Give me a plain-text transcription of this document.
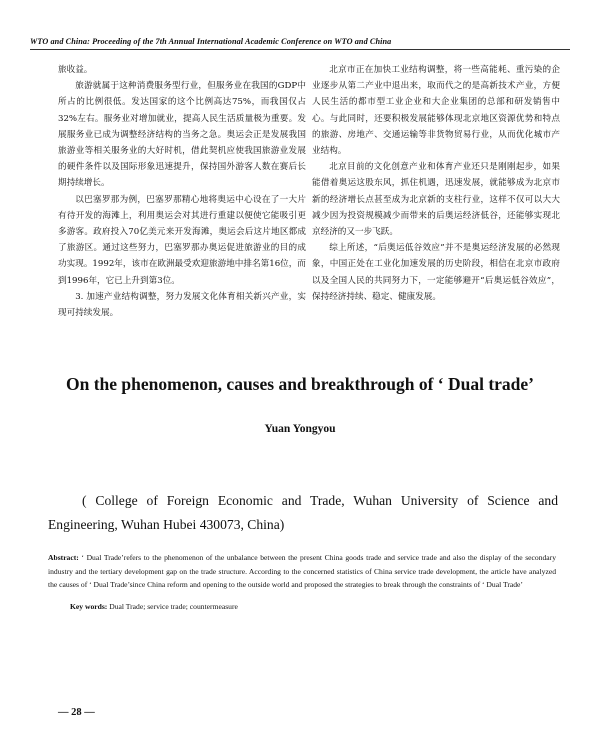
WTO and China: Proceeding of the 7th Annual International Academic Conference on WTO and China

旅收益。

旅游就属于这种消费服务型行业，但服务业在我国的GDP中所占的比例很低。发达国家的这个比例高达75%，而我国仅占32%左右。服务业对增加就业，提高人民生活质量极为重要。发展服务业已成为调整经济结构的当务之急。奥运会正是发展我国旅游业等相关服务业的大好时机，借此契机应使我国旅游业发展的硬件条件以及国际形象迅速提升，保持国外游客人数在赛后长期持续增长。

以巴塞罗那为例，巴塞罗那精心地将奥运中心设在了一大片有待开发的海滩上，利用奥运会对其进行重建以便使它能吸引更多游客。政府投入70亿美元来开发海滩，奥运会后这片地区都成了旅游区。通过这些努力，巴塞罗那办奥运促进旅游业的目的成功实现。1992年，该市在欧洲最受欢迎旅游地中排名第16位，而到1996年，它已上升到第3位。

3. 加速产业结构调整，努力发展文化体育相关新兴产业，实现可持续发展。

北京市正在加快工业结构调整，将一些高能耗、重污染的企业逐步从第二产业中退出来，取而代之的是高新技术产业，方便人民生活的都市型工业企业和大企业集团的总部和研发销售中心。与此同时，还要积极发展能够体现北京地区资源优势和特点的旅游、房地产、交通运输等非货物贸易行业，从而优化城市产业结构。

北京目前的文化创意产业和体育产业还只是刚刚起步，如果能借着奥运这股东风，抓住机遇，迅速发展，就能够成为北京市新的经济增长点甚至成为北京新的支柱行业，这样不仅可以大大减少因为投资规模减少而带来的后奥运经济低谷，还能够实现北京经济的又一步飞跃。

综上所述，“后奥运低谷效应”并不是奥运经济发展的必然现象，中国正处在工业化加速发展的历史阶段，相信在北京市政府以及全国人民的共同努力下，一定能够避开“后奥运低谷效应”，保持经济持续、稳定、健康发展。

On the phenomenon, causes and breakthrough of ‘ Dual trade’
Yuan Yongyou
( College of Foreign Economic and Trade, Wuhan University of Science and Engineering, Wuhan Hubei 430073, China)
Abstract: ‘ Dual Trade’refers to the phenomenon of the unbalance between the present China goods trade and service trade and also the display of the secondary industry and the tertiary development gap on the trade structure. According to the concerned statistics of China service trade development, the article have analyzed the causes of ‘ Dual Trade’since China reform and opening to the outside world and proposed the strategies to break through the constraints of ‘ Dual Trade’
Key words: Dual Trade; service trade; countermeasure
— 28 —
